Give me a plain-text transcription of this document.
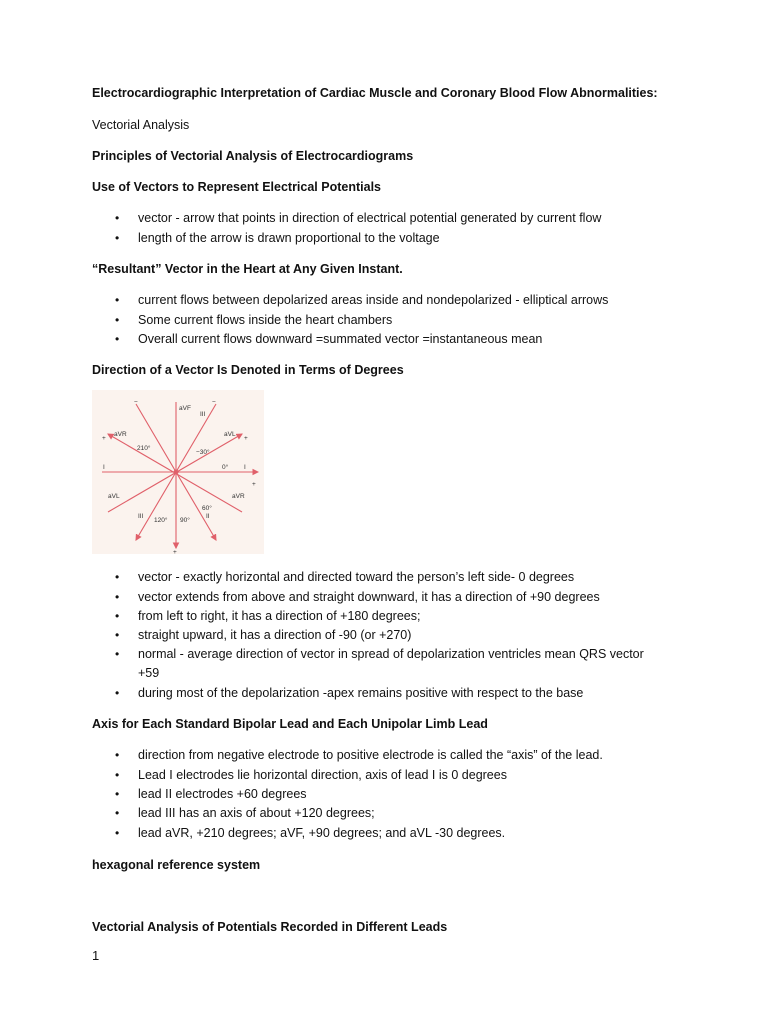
Electrocardiographic Interpretation of Cardiac Muscle and Coronary Blood Flow Abnormalities:
Vectorial Analysis
Principles of Vectorial Analysis of Electrocardiograms
Use of Vectors to Represent Electrical Potentials
• vector - arrow that points in direction of electrical potential generated by current flow
• length of the arrow is drawn proportional to the voltage
“Resultant” Vector in the Heart at Any Given Instant.
• current flows between depolarized areas inside and nondepolarized - elliptical arrows
• Some current flows inside the heart chambers
• Overall current flows downward =summated vector =instantaneous mean
Direction of a Vector Is Denoted in Terms of Degrees
aVF
III
aVR	aVL
210°
−30°
I	I
0°
aVL	aVR
60°
III
120° 90°
II
+
+
+
+
−	−
• vector - exactly horizontal and directed toward the person’s left side- 0 degrees
• vector extends from above and straight downward, it has a direction of +90 degrees
• from left to right, it has a direction of +180 degrees;
• straight upward, it has a direction of -90 (or +270)
• normal - average direction of vector in spread of depolarization ventricles mean QRS vector
+59
• during most of the depolarization -apex remains positive with respect to the base
Axis for Each Standard Bipolar Lead and Each Unipolar Limb Lead
• direction from negative electrode to positive electrode is called the “axis” of the lead.
• Lead I electrodes lie horizontal direction, axis of lead I is 0 degrees
• lead II electrodes +60 degrees
• lead III has an axis of about +120 degrees;
• lead aVR, +210 degrees; aVF, +90 degrees; and aVL -30 degrees.
hexagonal reference system
Vectorial Analysis of Potentials Recorded in Different Leads
1
